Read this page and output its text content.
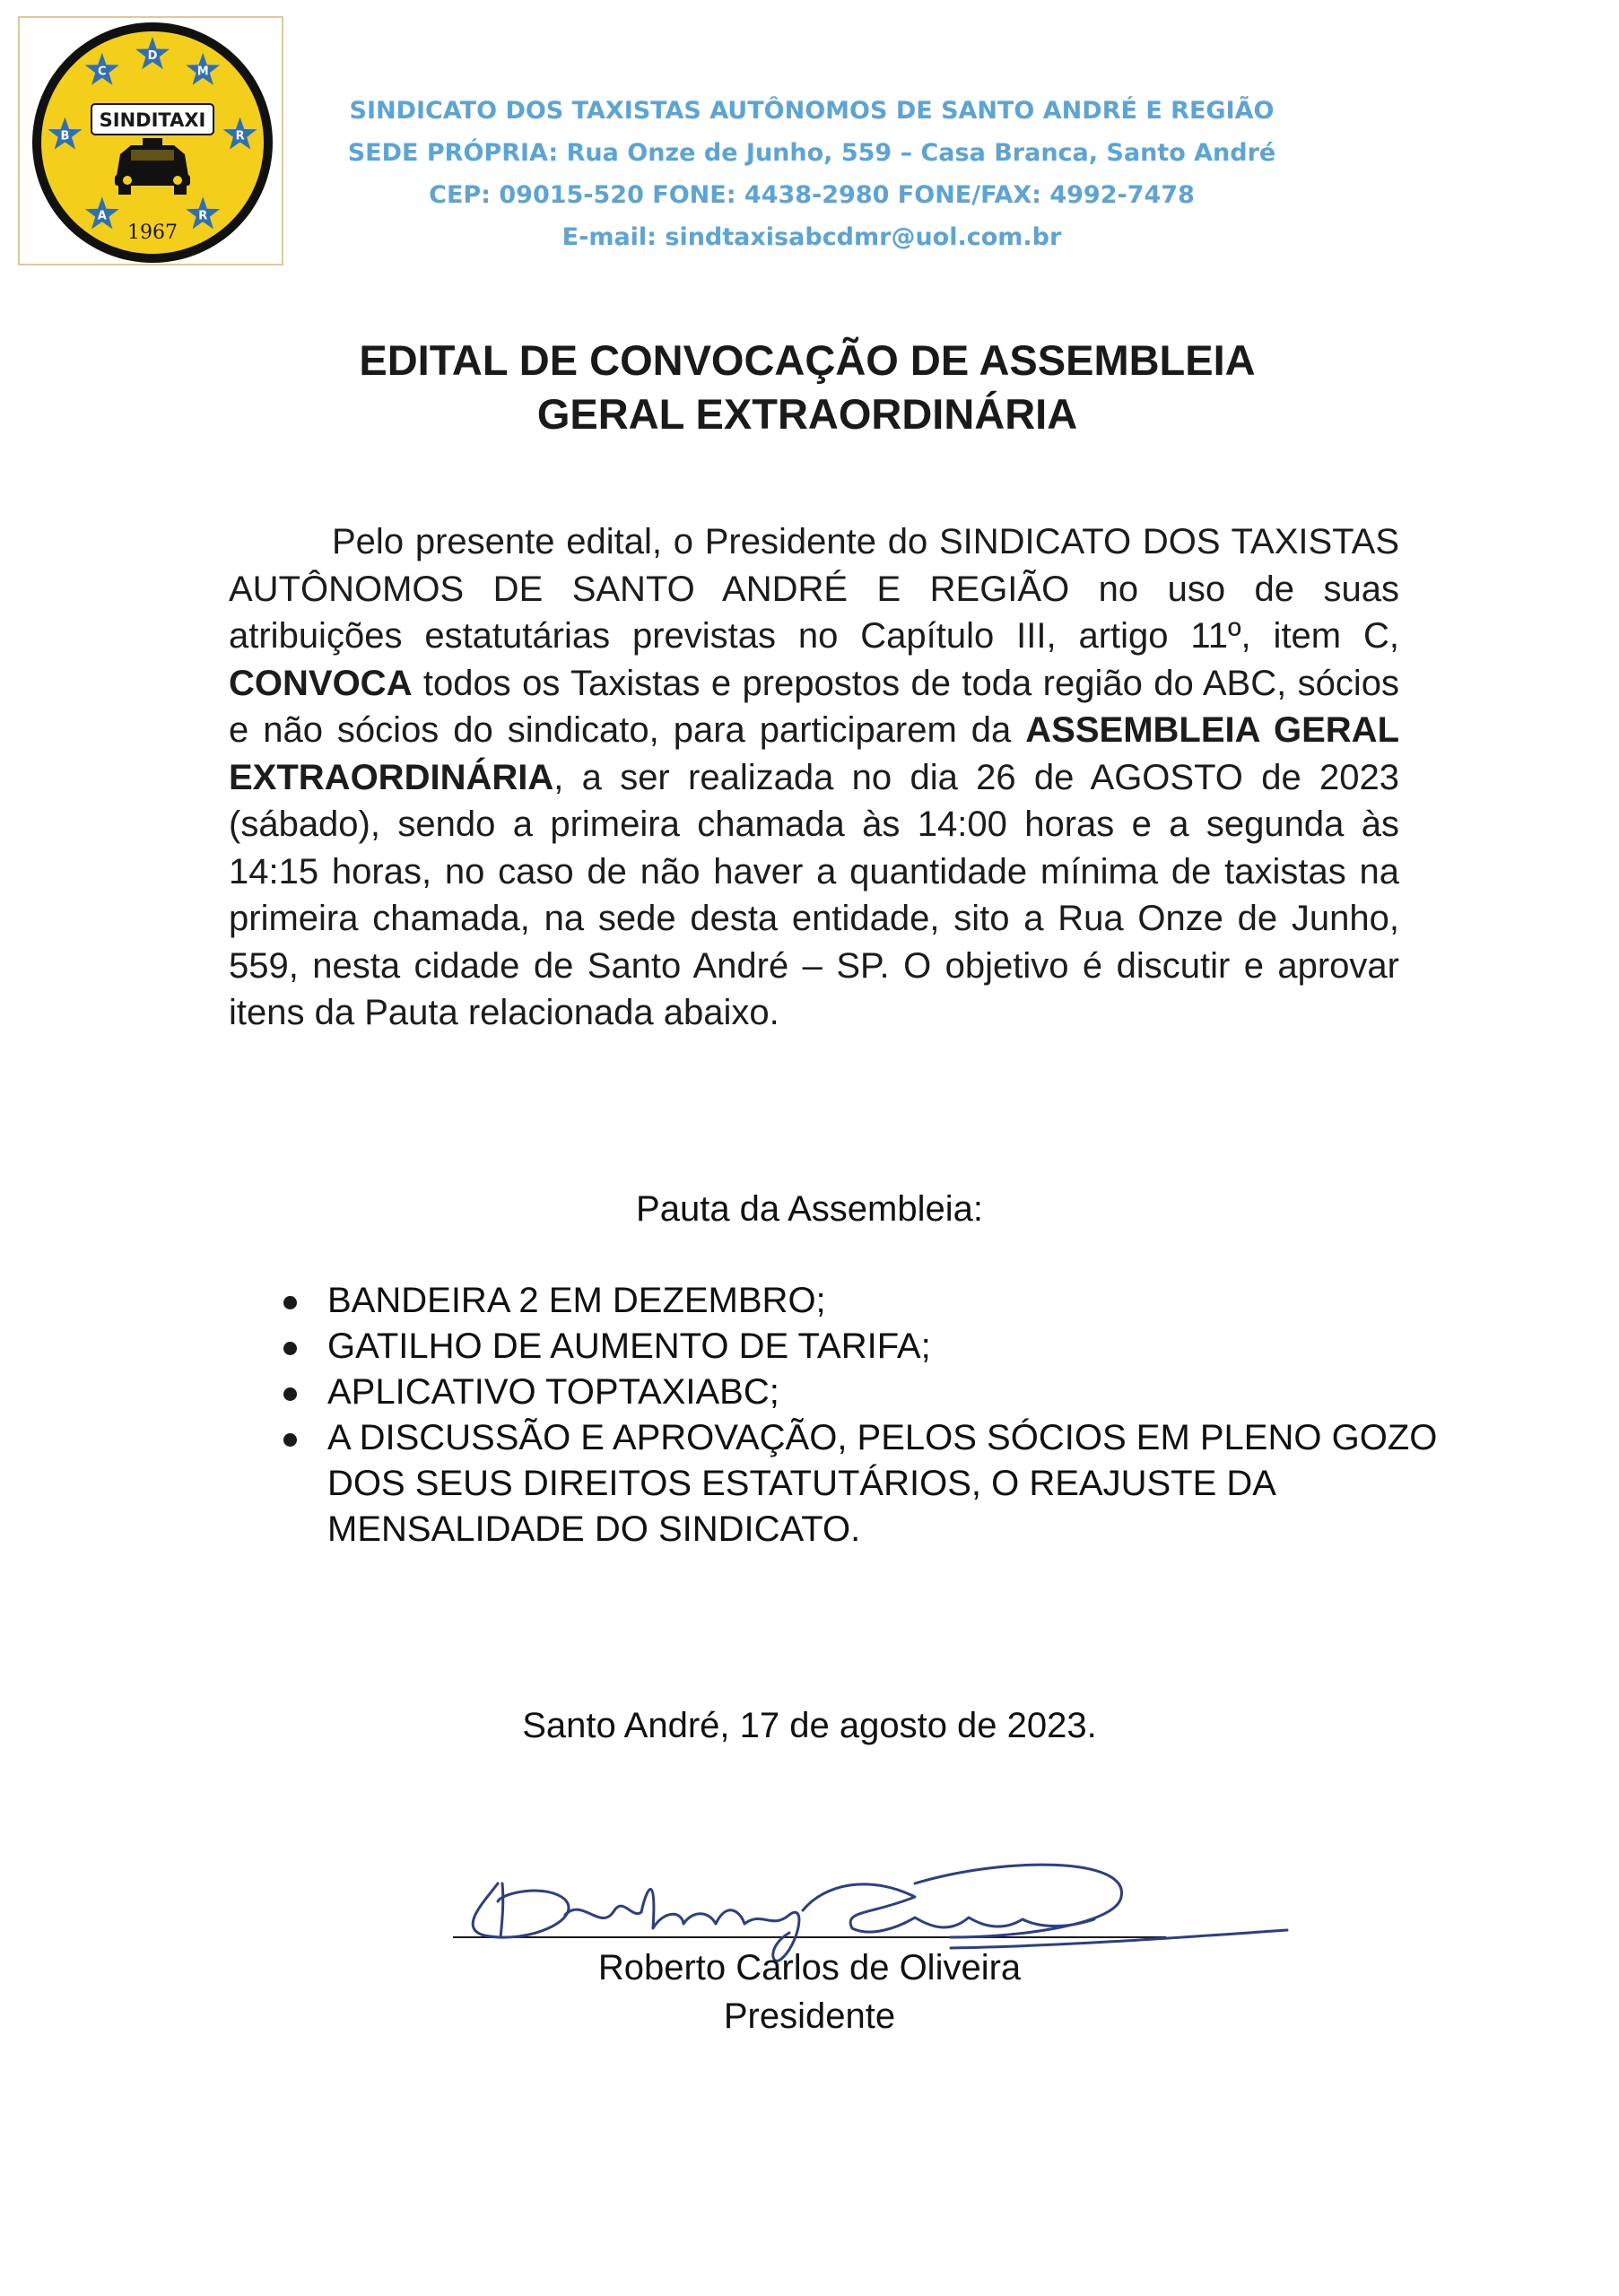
C
D
M
B	R
A	R
SINDITAXI
1967
SINDICATO DOS TAXISTAS AUTÔNOMOS DE SANTO ANDRÉ E REGIÃO
SEDE PRÓPRIA: Rua Onze de Junho, 559 – Casa Branca, Santo André
CEP: 09015-520 FONE: 4438-2980 FONE/FAX: 4992-7478
E-mail: sindtaxisabcdmr@uol.com.br
EDITAL DE CONVOCAÇÃO DE ASSEMBLEIA
GERAL EXTRAORDINÁRIA
Pelo presente edital, o Presidente do SINDICATO DOS TAXISTAS AUTÔNOMOS DE SANTO ANDRÉ E REGIÃO no uso de suas atribuições estatutárias previstas no Capítulo III, artigo 11º, item C, CONVOCA todos os Taxistas e prepostos de toda região do ABC, sócios e não sócios do sindicato, para participarem da ASSEMBLEIA GERAL EXTRAORDINÁRIA, a ser realizada no dia 26 de AGOSTO de 2023 (sábado), sendo a primeira chamada às 14:00 horas e a segunda às 14:15 horas, no caso de não haver a quantidade mínima de taxistas na primeira chamada, na sede desta entidade, sito a Rua Onze de Junho, 559, nesta cidade de Santo André – SP. O objetivo é discutir e aprovar itens da Pauta relacionada abaixo.
Pauta da Assembleia:
BANDEIRA 2 EM DEZEMBRO;
GATILHO DE AUMENTO DE TARIFA;
APLICATIVO TOPTAXIABC;
A DISCUSSÃO E APROVAÇÃO, PELOS SÓCIOS EM PLENO GOZO DOS SEUS DIREITOS ESTATUTÁRIOS, O REAJUSTE DA MENSALIDADE DO SINDICATO.
Santo André, 17 de agosto de 2023.
Roberto Carlos de Oliveira
Presidente
